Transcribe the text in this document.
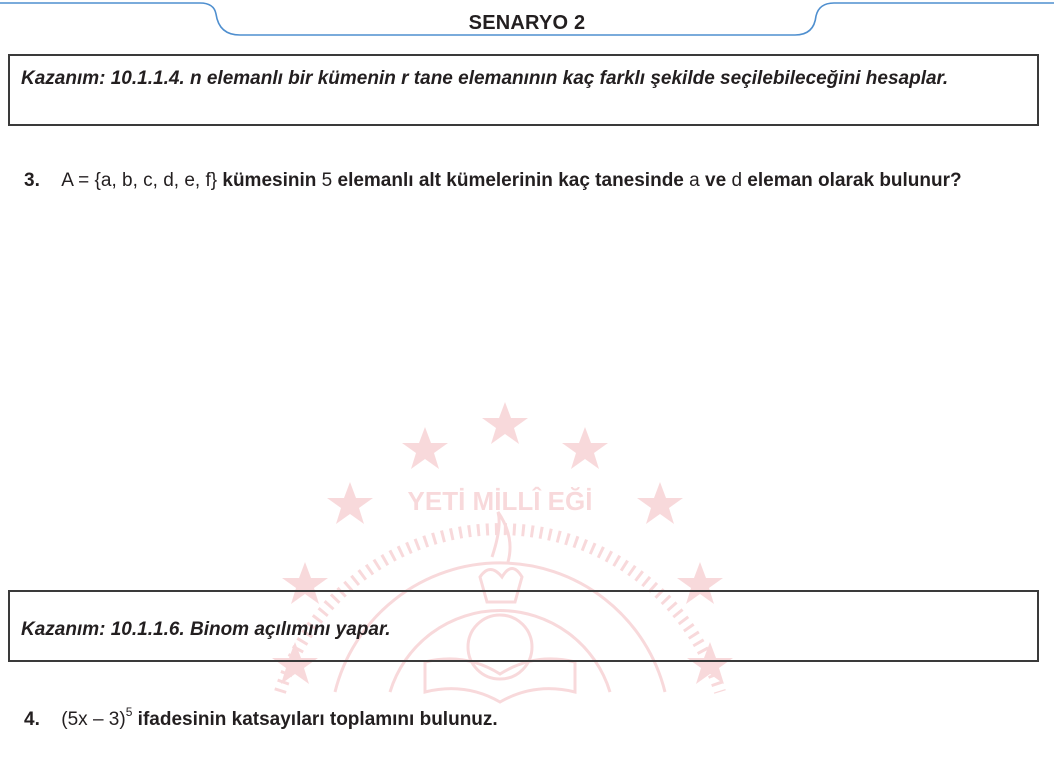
SENARYO 2
YETİ MİLLÎ EĞİ
Kazanım: 10.1.1.4. n elemanlı bir kümenin r tane elemanının kaç farklı şekilde seçilebileceğini hesaplar.
3. A = {a, b, c, d, e, f} kümesinin 5 elemanlı alt kümelerinin kaç tanesinde a ve d eleman olarak bulunur?
Kazanım: 10.1.1.6. Binom açılımını yapar.
4. (5x – 3)$^5$ ifadesinin katsayıları toplamını bulunuz.
